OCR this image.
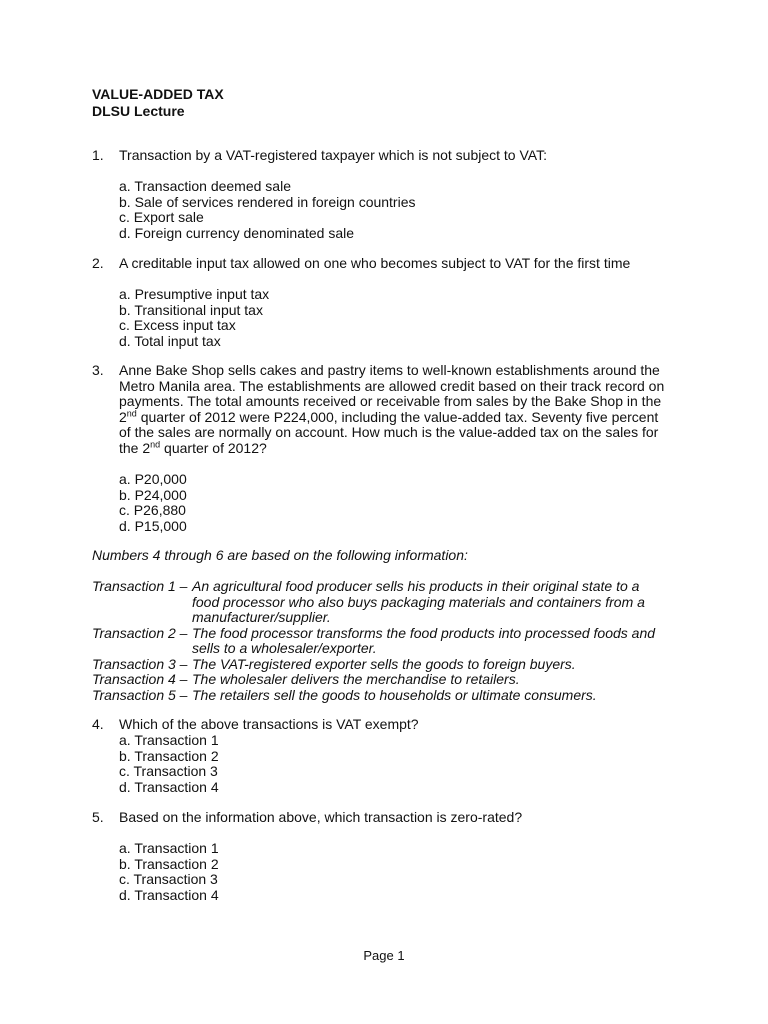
VALUE-ADDED TAX
DLSU Lecture
1. Transaction by a VAT-registered taxpayer which is not subject to VAT:
a. Transaction deemed sale
b. Sale of services rendered in foreign countries
c. Export sale
d. Foreign currency denominated sale
2. A creditable input tax allowed on one who becomes subject to VAT for the first time
a. Presumptive input tax
b. Transitional input tax
c. Excess input tax
d. Total input tax
3. Anne Bake Shop sells cakes and pastry items to well-known establishments around the
Metro Manila area. The establishments are allowed credit based on their track record on
payments. The total amounts received or receivable from sales by the Bake Shop in the
2nd quarter of 2012 were P224,000, including the value-added tax. Seventy five percent
of the sales are normally on account. How much is the value-added tax on the sales for
the 2nd quarter of 2012?
a. P20,000
b. P24,000
c. P26,880
d. P15,000
Numbers 4 through 6 are based on the following information:
Transaction 1 – An agricultural food producer sells his products in their original state to a
food processor who also buys packaging materials and containers from a
manufacturer/supplier.
Transaction 2 – The food processor transforms the food products into processed foods and
sells to a wholesaler/exporter.
Transaction 3 – The VAT-registered exporter sells the goods to foreign buyers.
Transaction 4 – The wholesaler delivers the merchandise to retailers.
Transaction 5 – The retailers sell the goods to households or ultimate consumers.
4. Which of the above transactions is VAT exempt?
a. Transaction 1
b. Transaction 2
c. Transaction 3
d. Transaction 4
5. Based on the information above, which transaction is zero-rated?
a. Transaction 1
b. Transaction 2
c. Transaction 3
d. Transaction 4
Page 1
